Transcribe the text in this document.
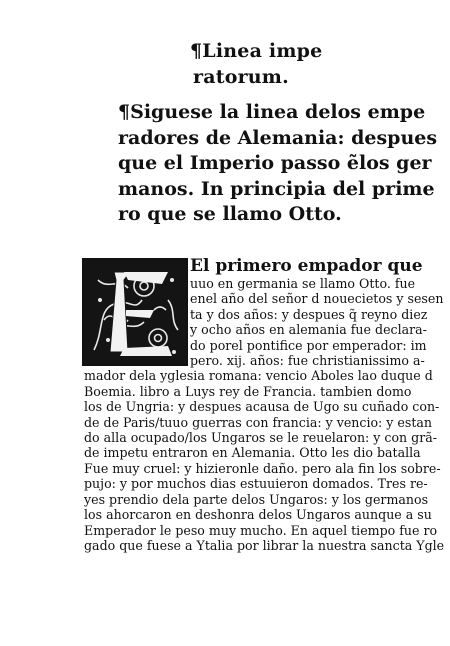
¶Linea impe
ratorum.
¶Siguese la linea delos empe
radores de Alemania: despues
que el Imperio passo ẽlos ger
manos. In principia del prime
ro que se llamo Otto.
El primero empador que
uuo en germania se llamo Otto. fue
enel año del señor d nouecietos y sesen
ta y dos años: y despues q̃ reyno diez
y ocho años en alemania fue declara-
do porel pontifice por emperador: im
pero. xij. años: fue christianissimo a-
mador dela yglesia romana: vencio Aboles lao duque d
Boemia. libro a Luys rey de Francia. tambien domo
los de Ungria: y despues acausa de Ugo su cuñado con-
de de Paris/tuuo guerras con francia: y vencio: y estan
do alla ocupado/los Ungaros se le reuelaron: y con grã-
de impetu entraron en Alemania. Otto les dio batalla
Fue muy cruel: y hizieronle daño. pero ala fin los sobre-
pujo: y por muchos dias estuuieron domados. Tres re-
yes prendio dela parte delos Ungaros: y los germanos
los ahorcaron en deshonra delos Ungaros aunque a su
Emperador le peso muy mucho. En aquel tiempo fue ro
gado que fuese a Ytalia por librar la nuestra sancta Ygle
